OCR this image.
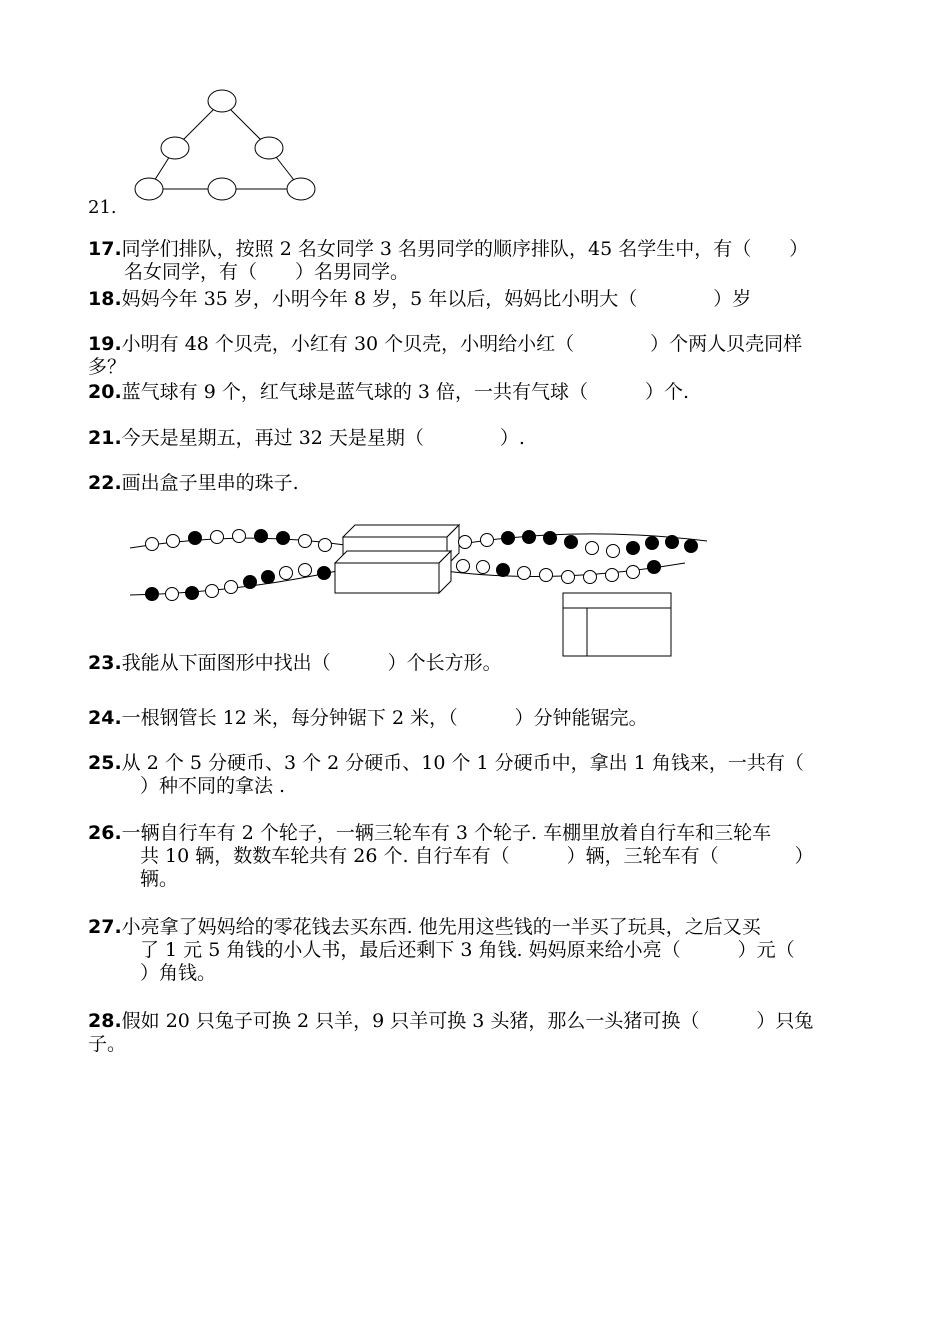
21.
17.同学们排队，按照 2 名女同学 3 名男同学的顺序排队，45 名学生中，有（　　）
名女同学，有（　　）名男同学。
18.妈妈今年 35 岁，小明今年 8 岁，5 年以后，妈妈比小明大（　　　　）岁
19.小明有 48 个贝壳，小红有 30 个贝壳，小明给小红（　　　　）个两人贝壳同样
多？
20.蓝气球有 9 个，红气球是蓝气球的 3 倍，一共有气球（　　　）个.
21.今天是星期五，再过 32 天是星期（　　　　）.
22.画出盒子里串的珠子.
23.我能从下面图形中找出（　　　）个长方形。
24.一根钢管长 12 米，每分钟锯下 2 米，（　　　）分钟能锯完。
25.从 2 个 5 分硬币、3 个 2 分硬币、10 个 1 分硬币中，拿出 1 角钱来，一共有（
）种不同的拿法 .
26.一辆自行车有 2 个轮子，一辆三轮车有 3 个轮子. 车棚里放着自行车和三轮车
共 10 辆，数数车轮共有 26 个. 自行车有（　　　）辆，三轮车有（　　　　）
辆。
27.小亮拿了妈妈给的零花钱去买东西. 他先用这些钱的一半买了玩具，之后又买
了 1 元 5 角钱的小人书，最后还剩下 3 角钱. 妈妈原来给小亮（　　　）元（
）角钱。
28.假如 20 只兔子可换 2 只羊，9 只羊可换 3 头猪，那么一头猪可换（　　　）只兔
子。
